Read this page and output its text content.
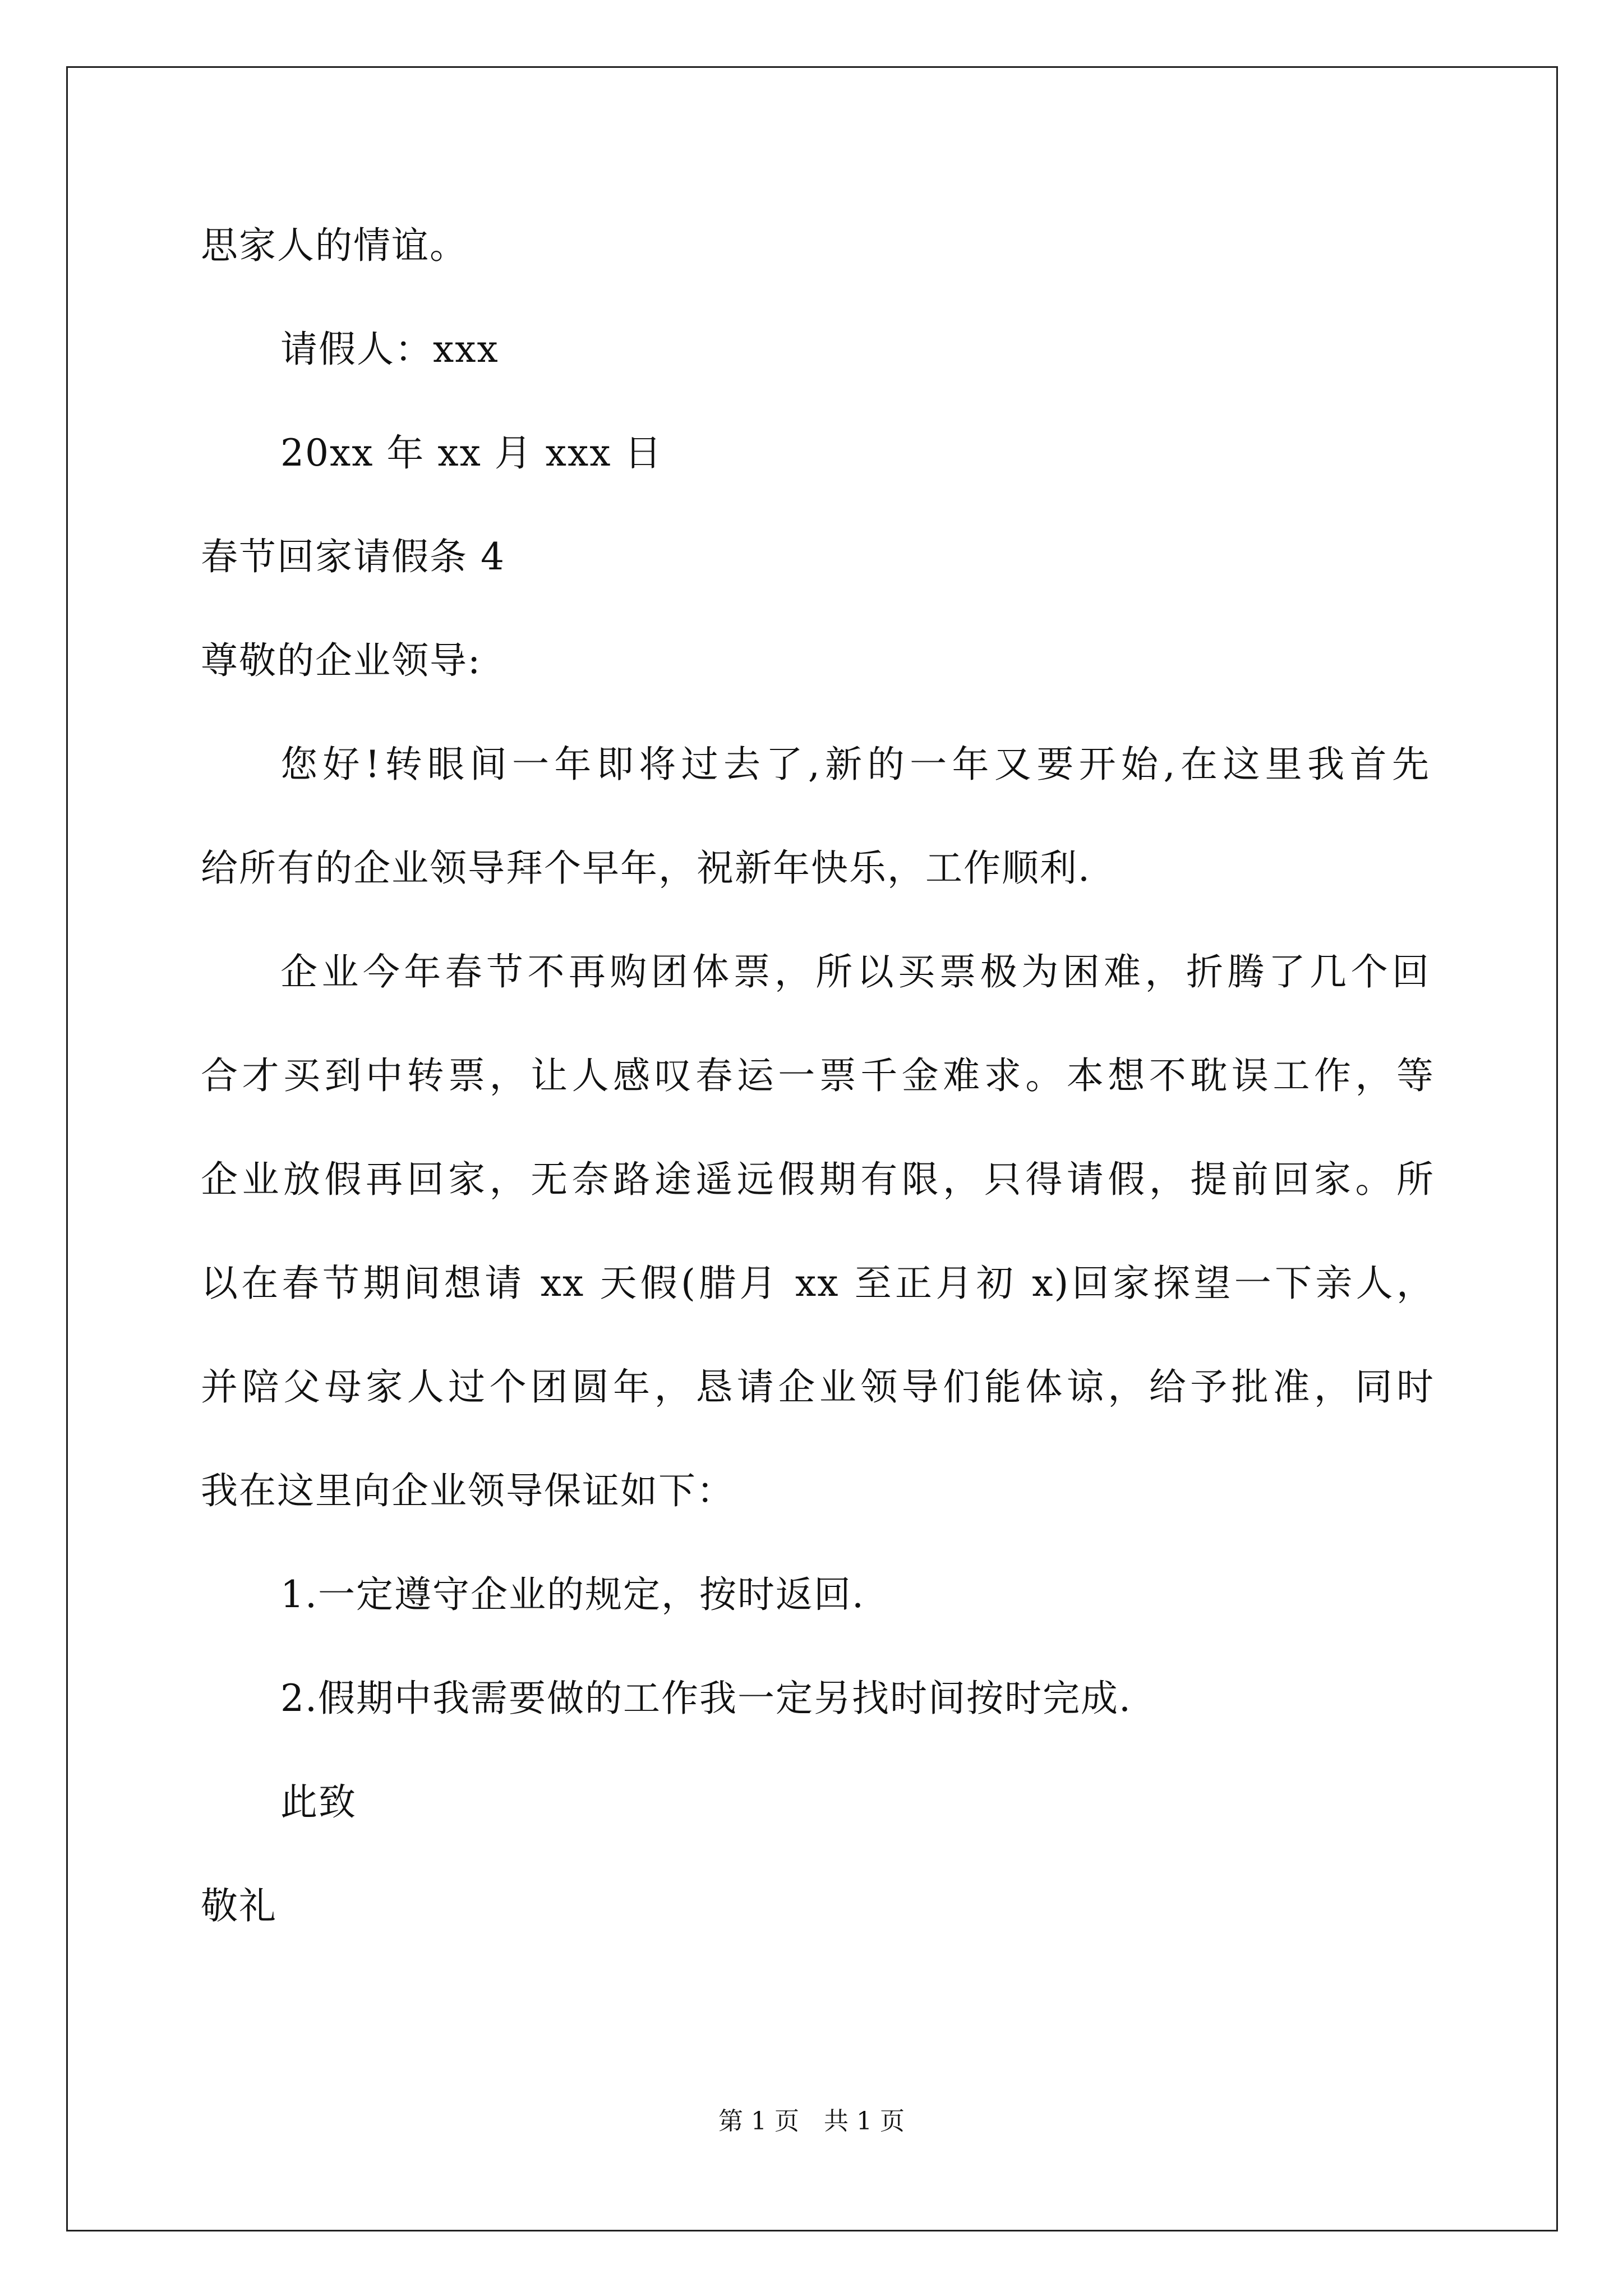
思家人的情谊。
请假人：xxx
20xx 年 xx 月 xxx 日
春节回家请假条 4
尊敬的企业领导:
您好!转眼间一年即将过去了,新的一年又要开始,在这里我首先
给所有的企业领导拜个早年，祝新年快乐，工作顺利.
企业今年春节不再购团体票，所以买票极为困难，折腾了几个回
合才买到中转票，让人感叹春运一票千金难求。本想不耽误工作，等
企业放假再回家，无奈路途遥远假期有限，只得请假，提前回家。所
以在春节期间想请 xx 天假(腊月 xx 至正月初 x)回家探望一下亲人，
并陪父母家人过个团圆年，恳请企业领导们能体谅，给予批准，同时
我在这里向企业领导保证如下：
1.一定遵守企业的规定，按时返回.
2.假期中我需要做的工作我一定另找时间按时完成.
此致
敬礼
第 1 页　共 1 页
